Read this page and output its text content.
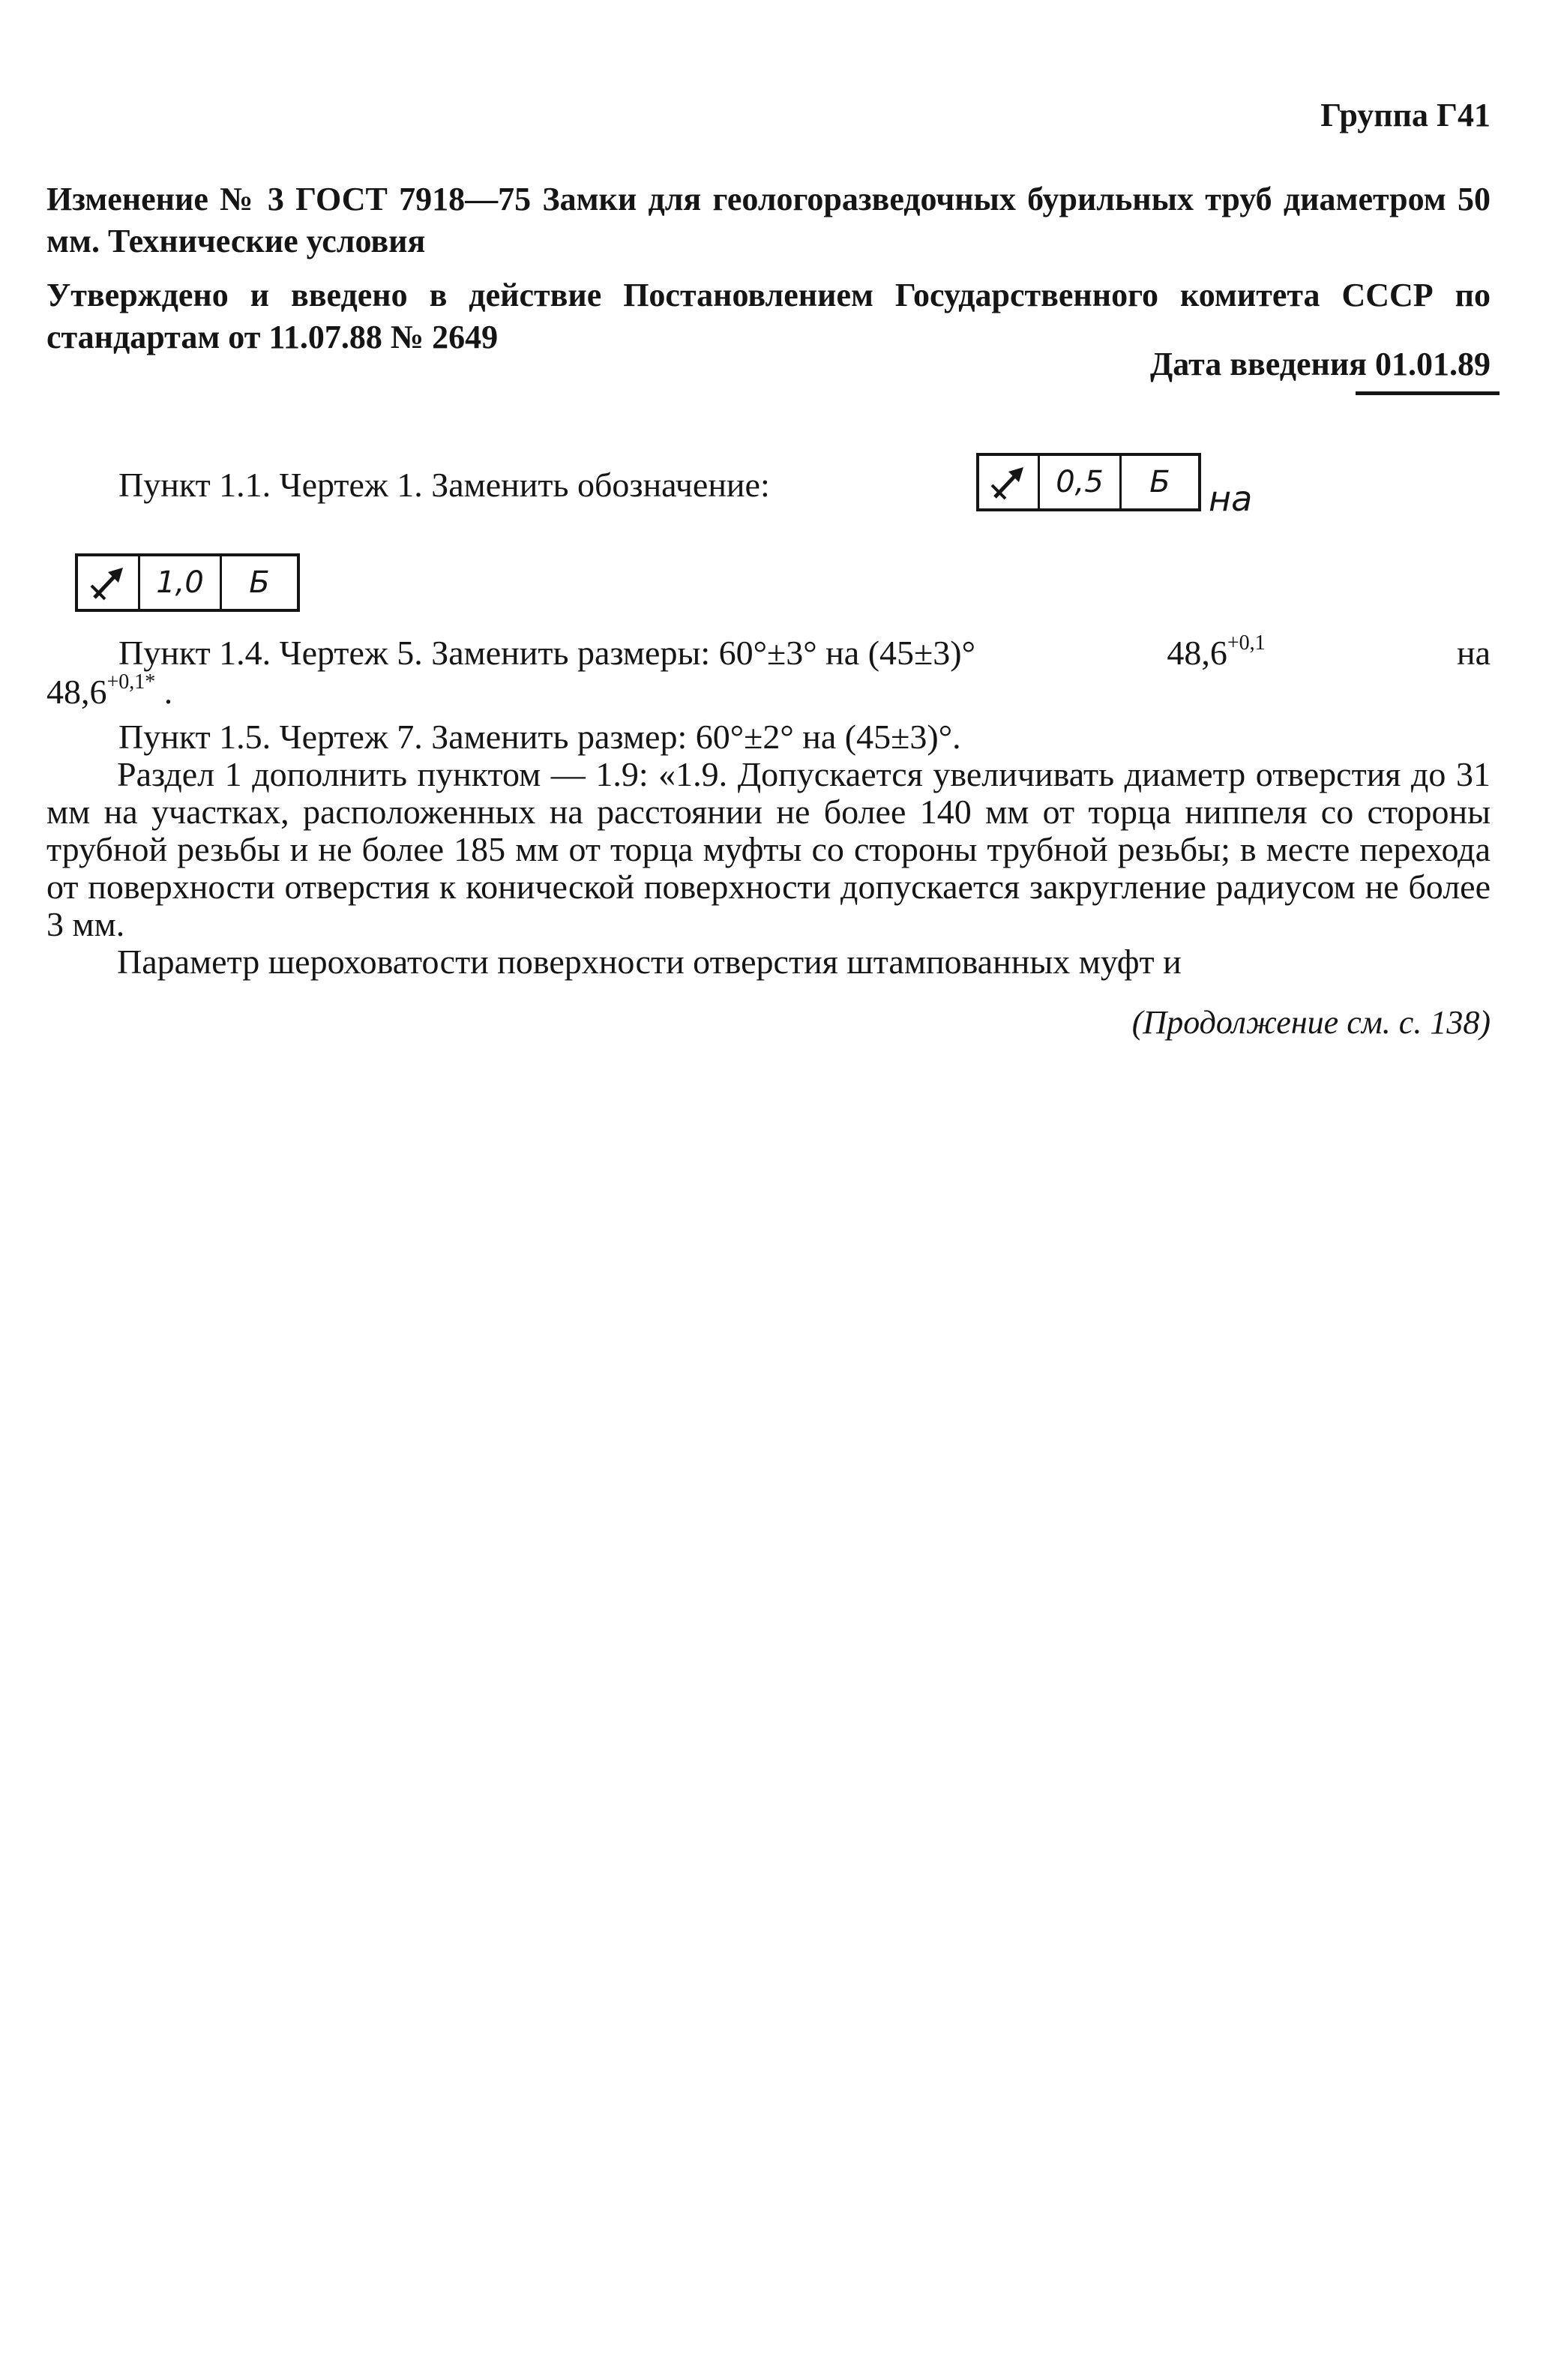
Группа Г41
Изменение № 3 ГОСТ 7918—75 Замки для геологоразведочных бурильных труб диаметром 50 мм. Технические условия
Утверждено и введено в действие Постановлением Государственного комитета СССР по стандартам от 11.07.88 № 2649
Дата введения 01.01.89
Пункт 1.1. Чертеж 1. Заменить обозначение:	0,5	Б	на
1,0	Б
Пункт 1.4. Чертеж 5. Заменить размеры: 60°±3° на (45±3)°	$48,6^{+0,1}$	на
$48,6^{+0,1*}$ .
Пункт 1.5. Чертеж 7. Заменить размер: 60°±2° на (45±3)°.
Раздел 1 дополнить пунктом — 1.9: «1.9. Допускается увеличивать диаметр отверстия до 31 мм на участках, расположенных на расстоянии не более 140 мм от торца ниппеля со стороны трубной резьбы и не более 185 мм от торца муфты со стороны трубной резьбы; в месте перехода от поверхности отверстия к конической поверхности допускается закругление радиусом не более 3 мм.
Параметр шероховатости поверхности отверстия штампованных муфт и
(Продолжение см. с. 138)
